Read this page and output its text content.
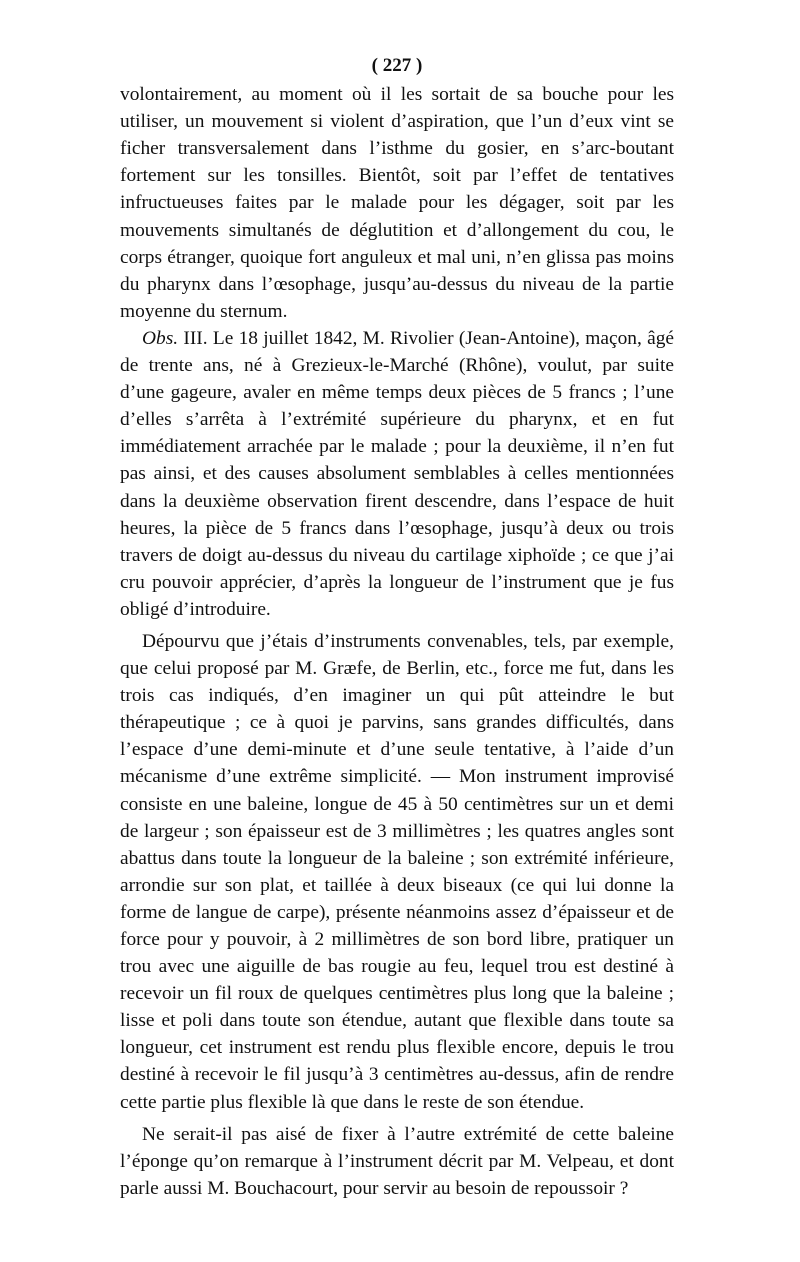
( 227 )

volontairement, au moment où il les sortait de sa bouche pour les utiliser, un mouvement si violent d’aspiration, que l’un d’eux vint se ficher transversalement dans l’isthme du gosier, en s’arc-boutant fortement sur les tonsilles. Bientôt, soit par l’effet de tentatives infructueuses faites par le malade pour les dégager, soit par les mouvements simultanés de déglutition et d’allongement du cou, le corps étranger, quoique fort anguleux et mal uni, n’en glissa pas moins du pharynx dans l’œsophage, jusqu’au-dessus du niveau de la partie moyenne du sternum.

Obs. III. Le 18 juillet 1842, M. Rivolier (Jean-Antoine), maçon, âgé de trente ans, né à Grezieux-le-Marché (Rhône), voulut, par suite d’une gageure, avaler en même temps deux pièces de 5 francs ; l’une d’elles s’arrêta à l’extrémité supérieure du pharynx, et en fut immédiatement arrachée par le malade ; pour la deuxième, il n’en fut pas ainsi, et des causes absolument semblables à celles mentionnées dans la deuxième observation firent descendre, dans l’espace de huit heures, la pièce de 5 francs dans l’œsophage, jusqu’à deux ou trois travers de doigt au-dessus du niveau du cartilage xiphoïde ; ce que j’ai cru pouvoir apprécier, d’après la longueur de l’instrument que je fus obligé d’introduire.

Dépourvu que j’étais d’instruments convenables, tels, par exemple, que celui proposé par M. Græfe, de Berlin, etc., force me fut, dans les trois cas indiqués, d’en imaginer un qui pût atteindre le but thérapeutique ; ce à quoi je parvins, sans grandes difficultés, dans l’espace d’une demi-minute et d’une seule tentative, à l’aide d’un mécanisme d’une extrême simplicité. — Mon instrument improvisé consiste en une baleine, longue de 45 à 50 centimètres sur un et demi de largeur ; son épaisseur est de 3 millimètres ; les quatres angles sont abattus dans toute la longueur de la baleine ; son extrémité inférieure, arrondie sur son plat, et taillée à deux biseaux (ce qui lui donne la forme de langue de carpe), présente néanmoins assez d’épaisseur et de force pour y pouvoir, à 2 millimètres de son bord libre, pratiquer un trou avec une aiguille de bas rougie au feu, lequel trou est destiné à recevoir un fil roux de quelques centimètres plus long que la baleine ; lisse et poli dans toute son étendue, autant que flexible dans toute sa longueur, cet instrument est rendu plus flexible encore, depuis le trou destiné à recevoir le fil jusqu’à 3 centimètres au-dessus, afin de rendre cette partie plus flexible là que dans le reste de son étendue.

Ne serait-il pas aisé de fixer à l’autre extrémité de cette baleine l’éponge qu’on remarque à l’instrument décrit par M. Velpeau, et dont parle aussi M. Bouchacourt, pour servir au besoin de repoussoir ?
